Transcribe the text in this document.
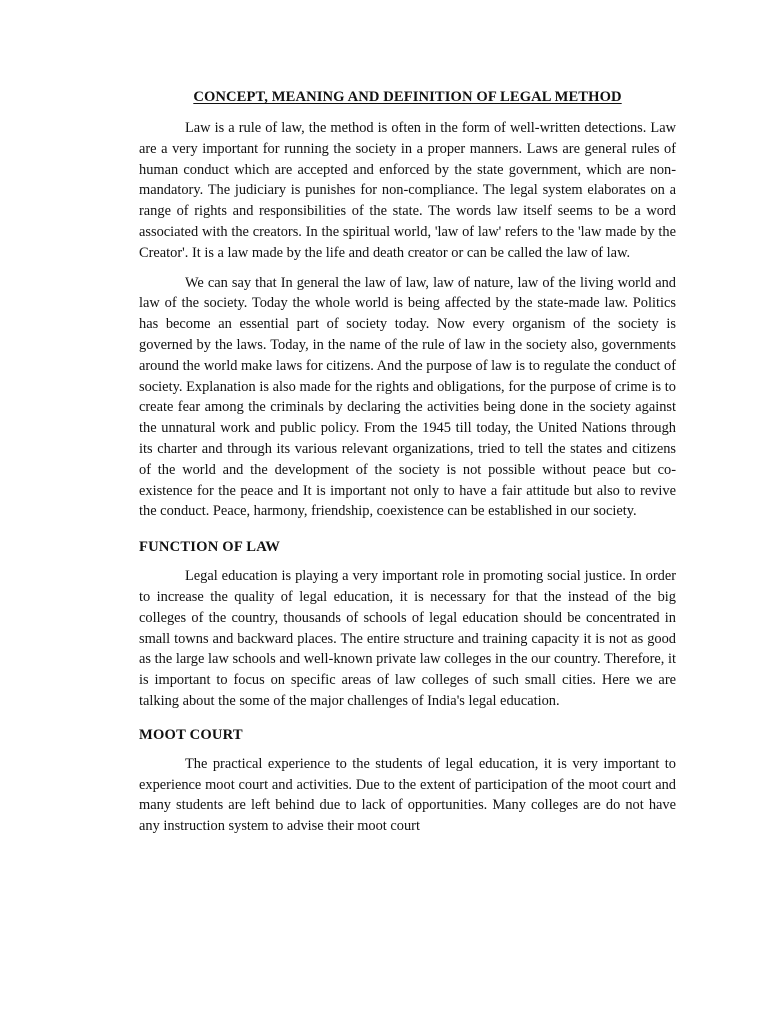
CONCEPT, MEANING AND DEFINITION OF LEGAL METHOD

Law is a rule of law, the method is often in the form of well-written detections. Law are a very important for running the society in a proper manners. Laws are general rules of human conduct which are accepted and enforced by the state government, which are non-mandatory. The judiciary is punishes for non-compliance. The legal system elaborates on a range of rights and responsibilities of the state. The words law itself seems to be a word associated with the creators. In the spiritual world, 'law of law' refers to the 'law made by the Creator'. It is a law made by the life and death creator or can be called the law of law.

We can say that In general the law of law, law of nature, law of the living world and law of the society. Today the whole world is being affected by the state-made law. Politics has become an essential part of society today. Now every organism of the society is governed by the laws. Today, in the name of the rule of law in the society also, governments around the world make laws for citizens. And the purpose of law is to regulate the conduct of society. Explanation is also made for the rights and obligations, for the purpose of crime is to create fear among the criminals by declaring the activities being done in the society against the unnatural work and public policy. From the 1945 till today, the United Nations through its charter and through its various relevant organizations, tried to tell the states and citizens of the world and the development of the society is not possible without peace but co-existence for the peace and It is important not only to have a fair attitude but also to revive the conduct. Peace, harmony, friendship, coexistence can be established in our society.

FUNCTION OF LAW

Legal education is playing a very important role in promoting social justice. In order to increase the quality of legal education, it is necessary for that the instead of the big colleges of the country, thousands of schools of legal education should be concentrated in small towns and backward places. The entire structure and training capacity it is not as good as the large law schools and well-known private law colleges in the our country. Therefore, it is important to focus on specific areas of law colleges of such small cities. Here we are talking about the some of the major challenges of India's legal education.

MOOT COURT

The practical experience to the students of legal education, it is very important to experience moot court and activities. Due to the extent of participation of the moot court and many students are left behind due to lack of opportunities. Many colleges are do not have any instruction system to advise their moot court
